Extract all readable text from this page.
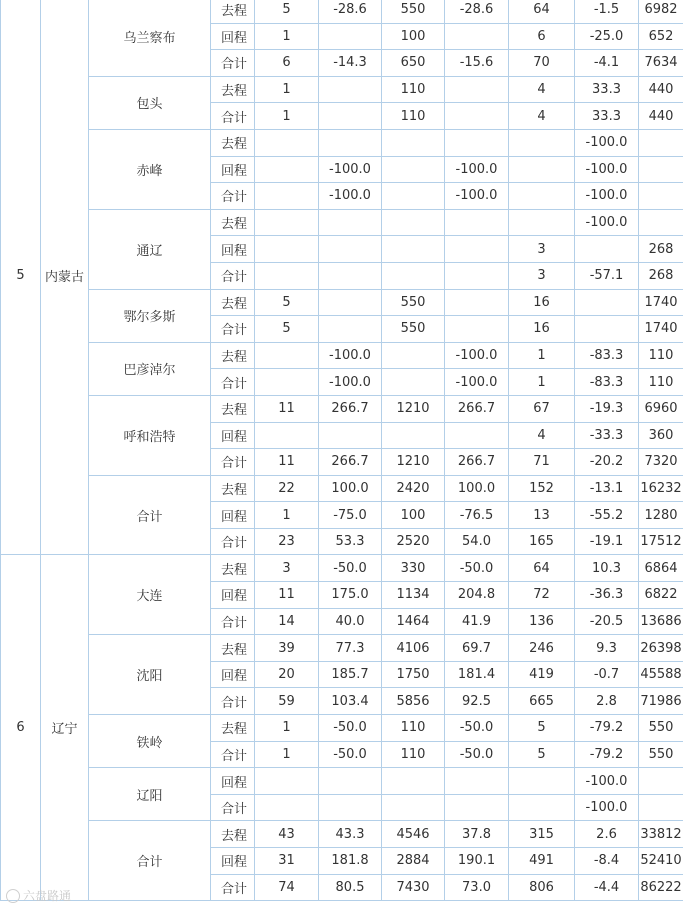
5	内蒙古	乌兰察布	去程	5	-28.6	550	-28.6	64	-1.5	6982	
			回程	1		100		6	-25.0	652	
			合计	6	-14.3	650	-15.6	70	-4.1	7634	
		包头	去程	1		110		4	33.3	440	
			合计	1		110		4	33.3	440	
		赤峰	去程						-100.0		
			回程		-100.0		-100.0		-100.0		
			合计		-100.0		-100.0		-100.0		
		通辽	去程						-100.0		
			回程					3		268	
			合计					3	-57.1	268	
		鄂尔多斯	去程	5		550		16		1740	
			合计	5		550		16		1740	
		巴彦淖尔	去程		-100.0		-100.0	1	-83.3	110	
			合计		-100.0		-100.0	1	-83.3	110	
		呼和浩特	去程	11	266.7	1210	266.7	67	-19.3	6960	
			回程					4	-33.3	360	
			合计	11	266.7	1210	266.7	71	-20.2	7320	
		合计	去程	22	100.0	2420	100.0	152	-13.1	16232	
			回程	1	-75.0	100	-76.5	13	-55.2	1280	
			合计	23	53.3	2520	54.0	165	-19.1	17512	
6	辽宁	大连	去程	3	-50.0	330	-50.0	64	10.3	6864	
			回程	11	175.0	1134	204.8	72	-36.3	6822	
			合计	14	40.0	1464	41.9	136	-20.5	13686	
		沈阳	去程	39	77.3	4106	69.7	246	9.3	26398	
			回程	20	185.7	1750	181.4	419	-0.7	45588	
			合计	59	103.4	5856	92.5	665	2.8	71986	
		铁岭	去程	1	-50.0	110	-50.0	5	-79.2	550	
			合计	1	-50.0	110	-50.0	5	-79.2	550	
		辽阳	回程						-100.0		
			合计						-100.0		
		合计	去程	43	43.3	4546	37.8	315	2.6	33812	
			回程	31	181.8	2884	190.1	491	-8.4	52410	
			合计	74	80.5	7430	73.0	806	-4.4	86222	
六盘路通
